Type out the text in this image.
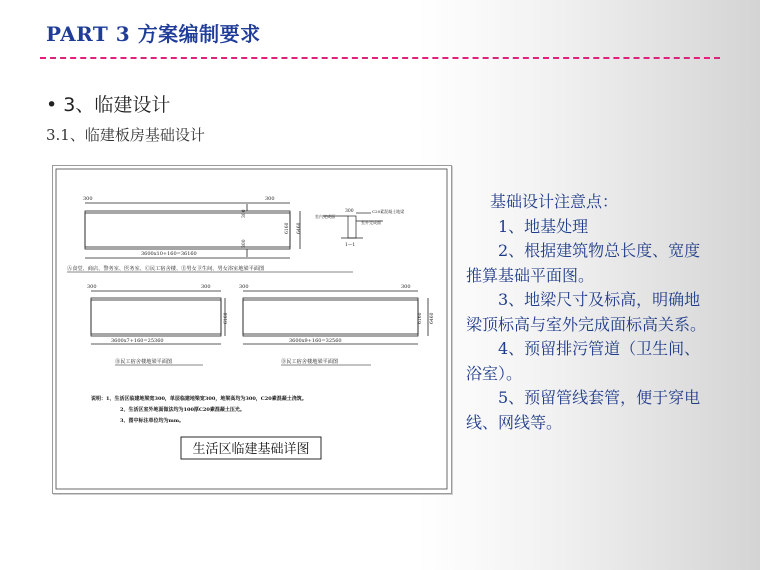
PART 3 方案编制要求
• 3、临建设计
3.1、临建板房基础设计
300	300
300
300
6160 6460
3600x10+160=36160
Ⓐ食堂、商店、警务室、医务室、Ⓒ民工宿舍楼、Ⓔ男女卫生间、男女浴室地梁平面图
300	C20素混凝土地梁
室内完成面
室外完成面
1—1
300	300
6160
3600x7+160=25360
Ⓑ民工宿舍楼地梁平面图
300	300
6160 6460
3600x9+160=32560
Ⓓ民工宿舍楼地梁平面图
说明：1、生活区临建地梁宽300，单层临建地梁宽300，地梁高均为300，C20素混凝土浇筑。
2、生活区室外地面做法均为100厚C20素混凝土压光。
3、图中标注单位均为mm。
生活区临建基础详图

基础设计注意点：

1、地基处理

2、根据建筑物总长度、宽度推算基础平面图。

3、地梁尺寸及标高，明确地梁顶标高与室外完成面标高关系。

4、预留排污管道（卫生间、浴室）。

5、预留管线套管，便于穿电线、网线等。
